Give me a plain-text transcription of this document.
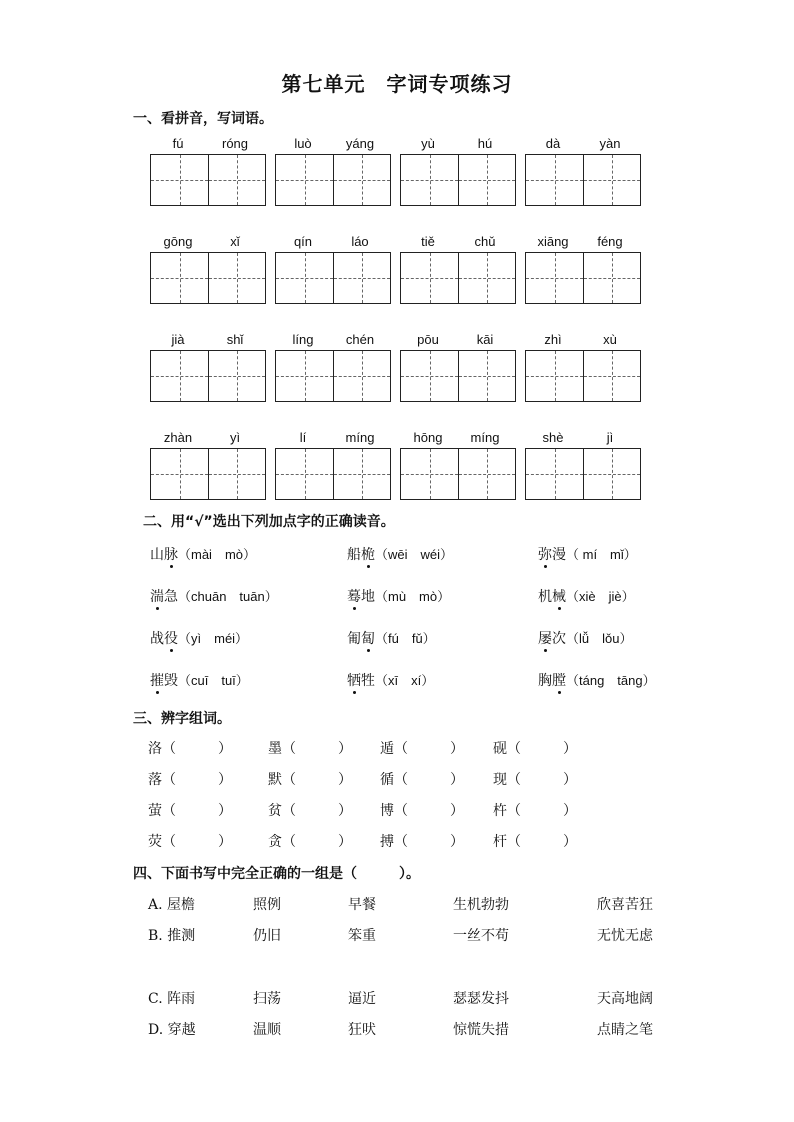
第七单元　字词专项练习
一、看拼音，写词语。
fú	róng	luò	yáng	yù	hú	dà	yàn
gōng	xǐ	qín	láo	tiě	chǔ	xiāng	féng
jià	shǐ	líng	chén	pōu	kāi	zhì	xù
zhàn	yì	lí	míng	hōng	míng	shè	jì
二、用“√”选出下列加点字的正确读音。
山脉（mài　mò）	船桅（wēi　wéi）	弥漫（ mí　mǐ）
湍急（chuān　tuān）	蓦地（mù　mò）	机械（xiè　jiè）
战役（yì　méi）	匍匐（fú　fǔ）	屡次（lǚ　lǒu）
摧毁（cuī　tuī）	牺牲（xī　xí）	胸膛（táng　tāng）
三、辨字组词。
洛（　　　）	墨（　　　） 遁（　　　） 砚（　　　）
落（　　　）	默（　　　） 循（　　　） 现（　　　）
萤（　　　）	贫（　　　） 博（　　　） 杵（　　　）
荧（　　　）	贪（　　　） 搏（　　　） 杆（　　　）
四、下面书写中完全正确的一组是（　　　）。
A. 屋檐	照例	早餐	生机勃勃	欣喜苦狂
B. 推测	仍旧	笨重	一丝不苟	无忧无虑
C. 阵雨	扫荡	逼近	瑟瑟发抖	天高地阔
D. 穿越	温顺	狂吠	惊慌失措	点睛之笔
